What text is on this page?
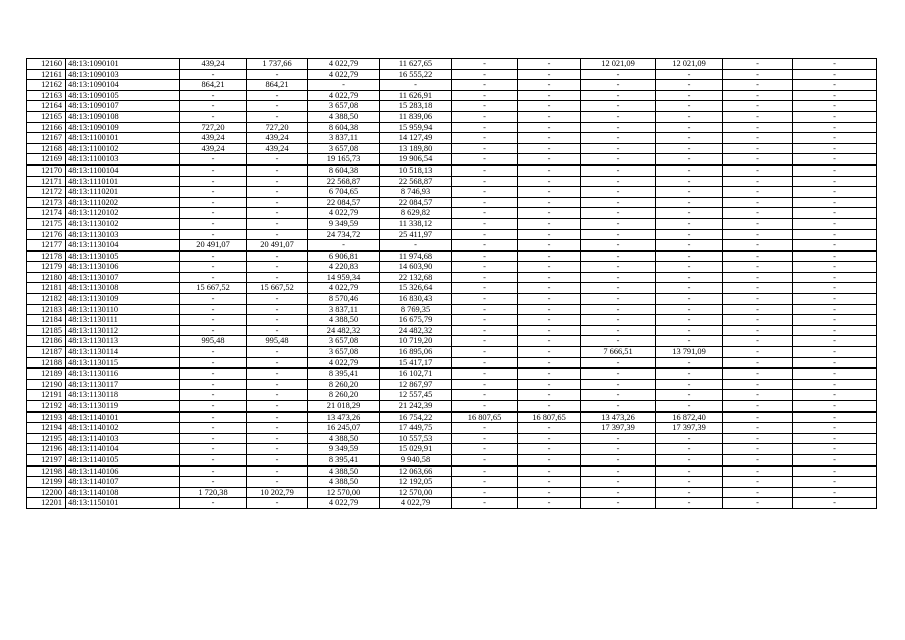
12160	48:13:1090101	439,24	1 737,66	4 022,79	11 627,65	-	-	12 021,09	12 021,09	-	-
12161	48:13:1090103	-	-	4 022,79	16 555,22	-	-	-	-	-	-
12162	48:13:1090104	864,21	864,21	-	-	-	-	-	-	-	-
12163	48:13:1090105	-	-	4 022,79	11 626,91	-	-	-	-	-	-
12164	48:13:1090107	-	-	3 657,08	15 283,18	-	-	-	-	-	-
12165	48:13:1090108	-	-	4 388,50	11 839,06	-	-	-	-	-	-
12166	48:13:1090109	727,20	727,20	8 604,38	15 959,94	-	-	-	-	-	-
12167	48:13:1100101	439,24	439,24	3 837,11	14 127,49	-	-	-	-	-	-
12168	48:13:1100102	439,24	439,24	3 657,08	13 189,80	-	-	-	-	-	-
12169	48:13:1100103	-	-	19 165,73	19 906,54	-	-	-	-	-	-
12170	48:13:1100104	-	-	8 604,38	10 518,13	-	-	-	-	-	-
12171	48:13:1110101	-	-	22 568,87	22 568,87	-	-	-	-	-	-
12172	48:13:1110201	-	-	6 704,65	8 746,93	-	-	-	-	-	-
12173	48:13:1110202	-	-	22 084,57	22 084,57	-	-	-	-	-	-
12174	48:13:1120102	-	-	4 022,79	8 629,82	-	-	-	-	-	-
12175	48:13:1130102	-	-	9 349,59	11 338,12	-	-	-	-	-	-
12176	48:13:1130103	-	-	24 734,72	25 411,97	-	-	-	-	-	-
12177	48:13:1130104	20 491,07	20 491,07	-	-	-	-	-	-	-	-
12178	48:13:1130105	-	-	6 906,81	11 974,68	-	-	-	-	-	-
12179	48:13:1130106	-	-	4 220,83	14 603,90	-	-	-	-	-	-
12180	48:13:1130107	-	-	14 959,34	22 132,68	-	-	-	-	-	-
12181	48:13:1130108	15 667,52	15 667,52	4 022,79	15 326,64	-	-	-	-	-	-
12182	48:13:1130109	-	-	8 570,46	16 830,43	-	-	-	-	-	-
12183	48:13:1130110	-	-	3 837,11	8 769,35	-	-	-	-	-	-
12184	48:13:1130111	-	-	4 388,50	16 675,79	-	-	-	-	-	-
12185	48:13:1130112	-	-	24 482,32	24 482,32	-	-	-	-	-	-
12186	48:13:1130113	995,48	995,48	3 657,08	10 719,20	-	-	-	-	-	-
12187	48:13:1130114	-	-	3 657,08	16 895,06	-	-	7 666,51	13 791,09	-	-
12188	48:13:1130115	-	-	4 022,79	15 417,17	-	-	-	-	-	-
12189	48:13:1130116	-	-	8 395,41	16 102,71	-	-	-	-	-	-
12190	48:13:1130117	-	-	8 260,20	12 867,97	-	-	-	-	-	-
12191	48:13:1130118	-	-	8 260,20	12 557,45	-	-	-	-	-	-
12192	48:13:1130119	-	-	21 018,29	21 242,39	-	-	-	-	-	-
12193	48:13:1140101	-	-	13 473,26	16 754,22	16 807,65	16 807,65	13 473,26	16 872,40	-	-
12194	48:13:1140102	-	-	16 245,07	17 449,75	-	-	17 397,39	17 397,39	-	-
12195	48:13:1140103	-	-	4 388,50	10 557,53	-	-	-	-	-	-
12196	48:13:1140104	-	-	9 349,59	15 029,91	-	-	-	-	-	-
12197	48:13:1140105	-	-	8 395,41	9 940,58	-	-	-	-	-	-
12198	48:13:1140106	-	-	4 388,50	12 063,66	-	-	-	-	-	-
12199	48:13:1140107	-	-	4 388,50	12 192,05	-	-	-	-	-	-
12200	48:13:1140108	1 720,38	10 202,79	12 570,00	12 570,00	-	-	-	-	-	-
12201	48:13:1150101	-	-	4 022,79	4 022,79	-	-	-	-	-	-
